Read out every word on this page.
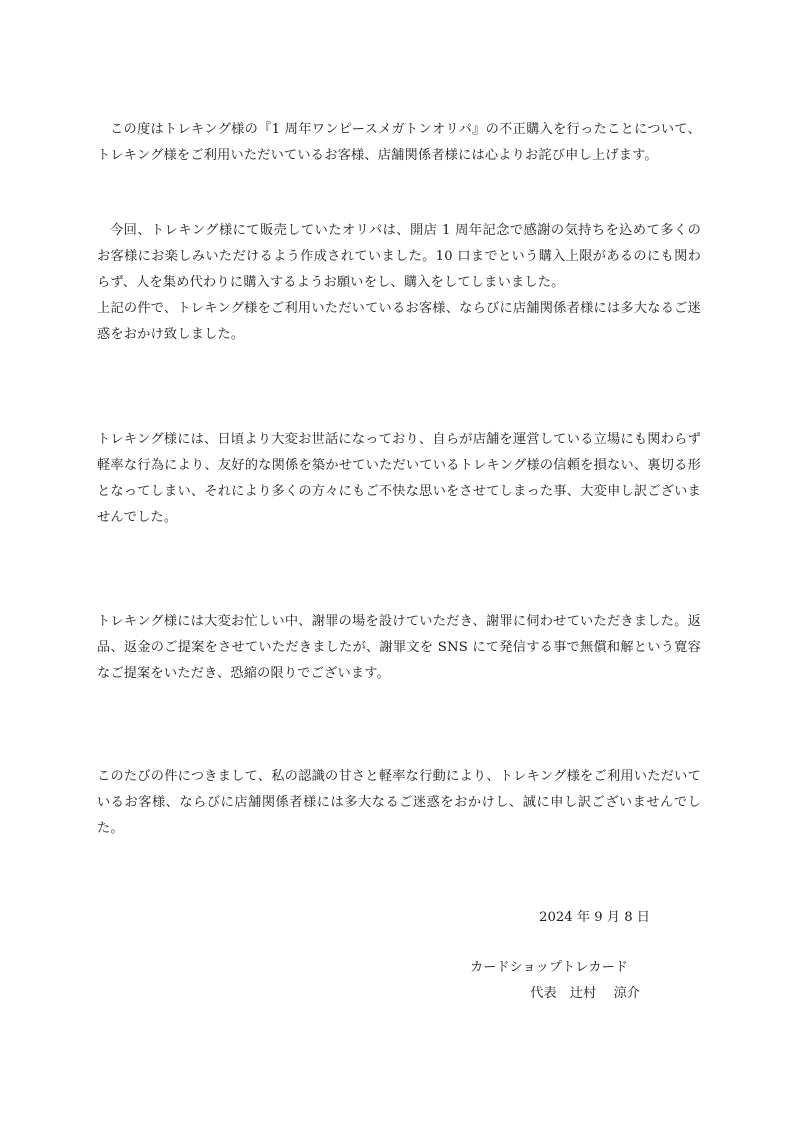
この度はトレキング様の『1 周年ワンピースメガトンオリパ』の不正購入を行ったことについて、トレキング様をご利用いただいているお客様、店舗関係者様には心よりお詫び申し上げます。
今回、トレキング様にて販売していたオリパは、開店 1 周年記念で感謝の気持ちを込めて多くのお客様にお楽しみいただけるよう作成されていました。10 口までという購入上限があるのにも関わらず、人を集め代わりに購入するようお願いをし、購入をしてしまいました。
上記の件で、トレキング様をご利用いただいているお客様、ならびに店舗関係者様には多大なるご迷惑をおかけ致しました。
トレキング様には、日頃より大変お世話になっており、自らが店舗を運営している立場にも関わらず軽率な行為により、友好的な関係を築かせていただいているトレキング様の信頼を損ない、裏切る形となってしまい、それにより多くの方々にもご不快な思いをさせてしまった事、大変申し訳ございませんでした。
トレキング様には大変お忙しい中、謝罪の場を設けていただき、謝罪に伺わせていただきました。返品、返金のご提案をさせていただきましたが、謝罪文を SNS にて発信する事で無償和解という寛容なご提案をいただき、恐縮の限りでございます。
このたびの件につきまして、私の認識の甘さと軽率な行動により、トレキング様をご利用いただいているお客様、ならびに店舗関係者様には多大なるご迷惑をおかけし、誠に申し訳ございませんでした。
2024 年 9 月 8 日
カードショップトレカード
代表　辻村　 涼介
